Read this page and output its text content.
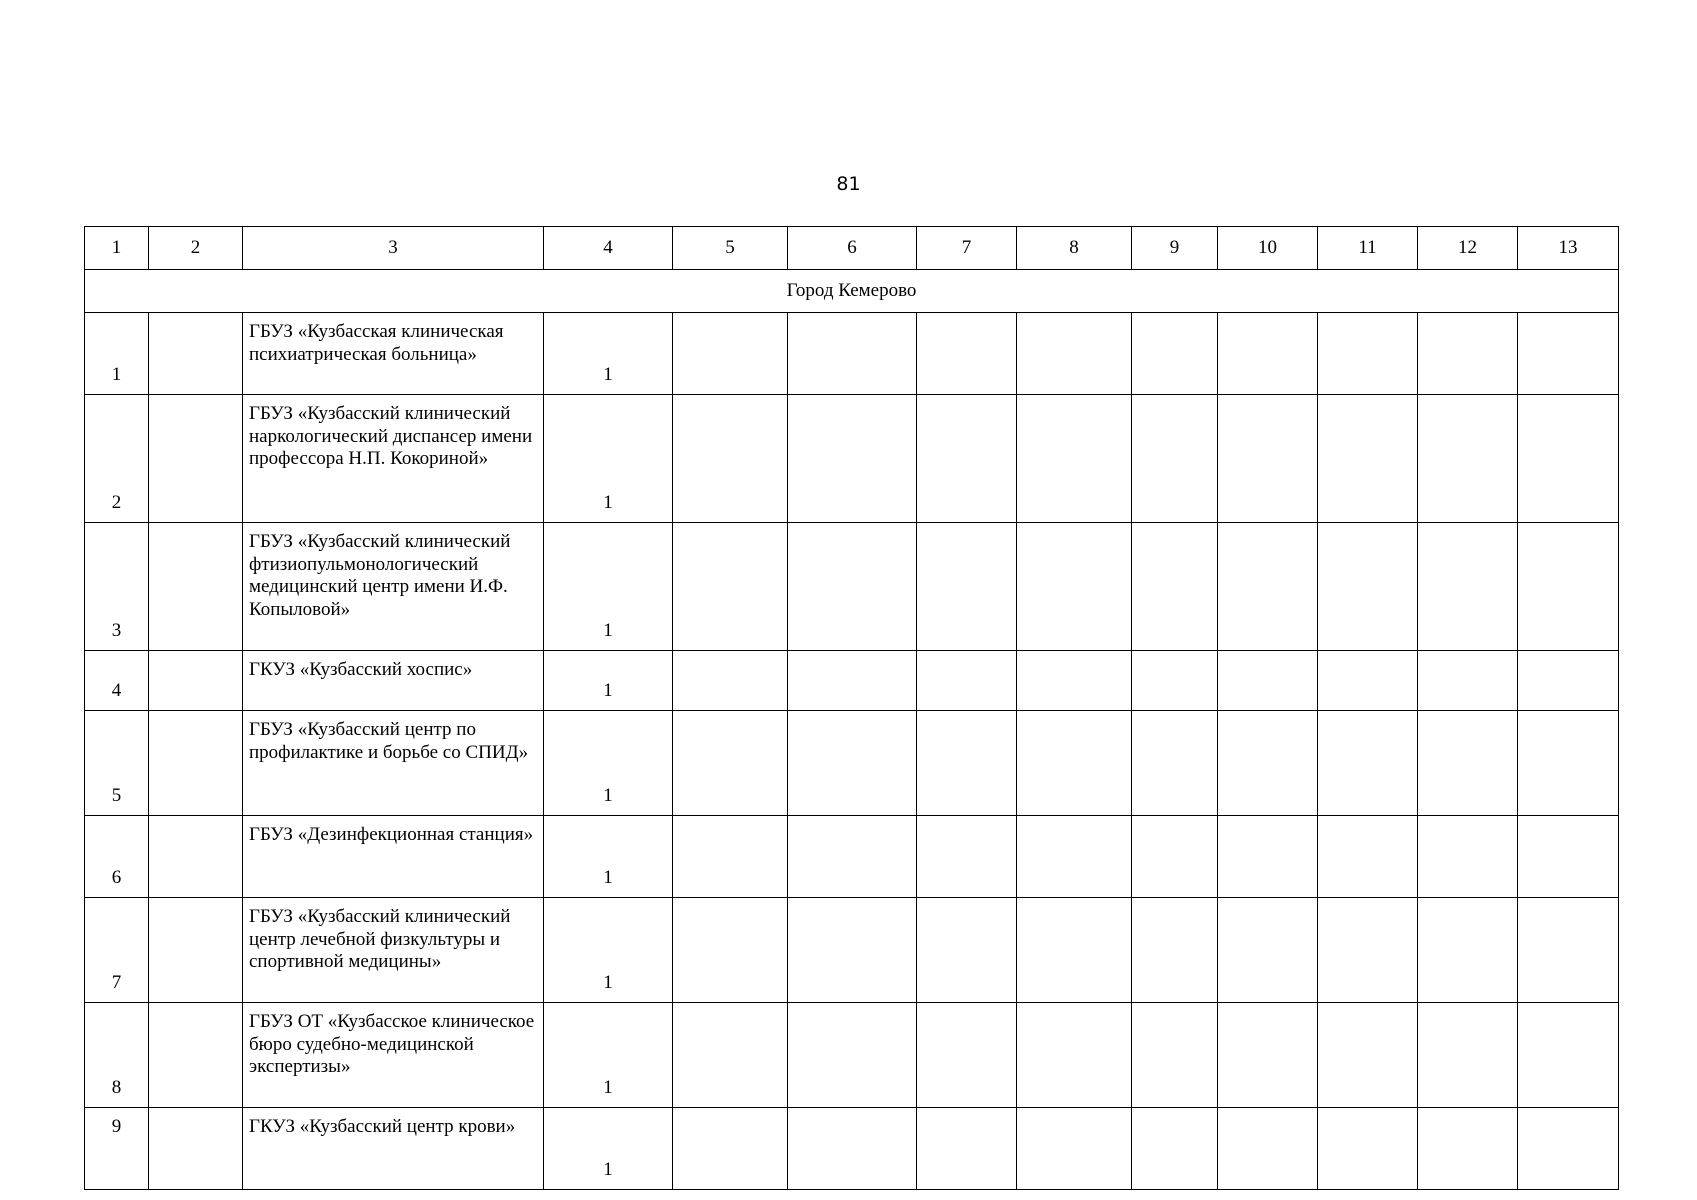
81
1	2	3	4	5	6	7	8	9	10	11	12	13
Город Кемерово												
1		ГБУЗ «Кузбасская клиническая психиатрическая больница»	1									
2		ГБУЗ «Кузбасский клинический наркологический диспансер имени профессора Н.П. Кокориной»	1									
3		ГБУЗ «Кузбасский клинический фтизиопульмонологический медицинский центр имени И.Ф. Копыловой»	1									
4		ГКУЗ «Кузбасский хоспис»	1									
5		ГБУЗ «Кузбасский центр по профилактике и борьбе со СПИД»	1									
6		ГБУЗ «Дезинфекционная станция»	1									
7		ГБУЗ «Кузбасский клинический центр лечебной физкультуры и спортивной медицины»	1									
8		ГБУЗ ОТ «Кузбасское клиническое бюро судебно-медицинской экспертизы»	1									
9		ГКУЗ «Кузбасский центр крови»	1									
